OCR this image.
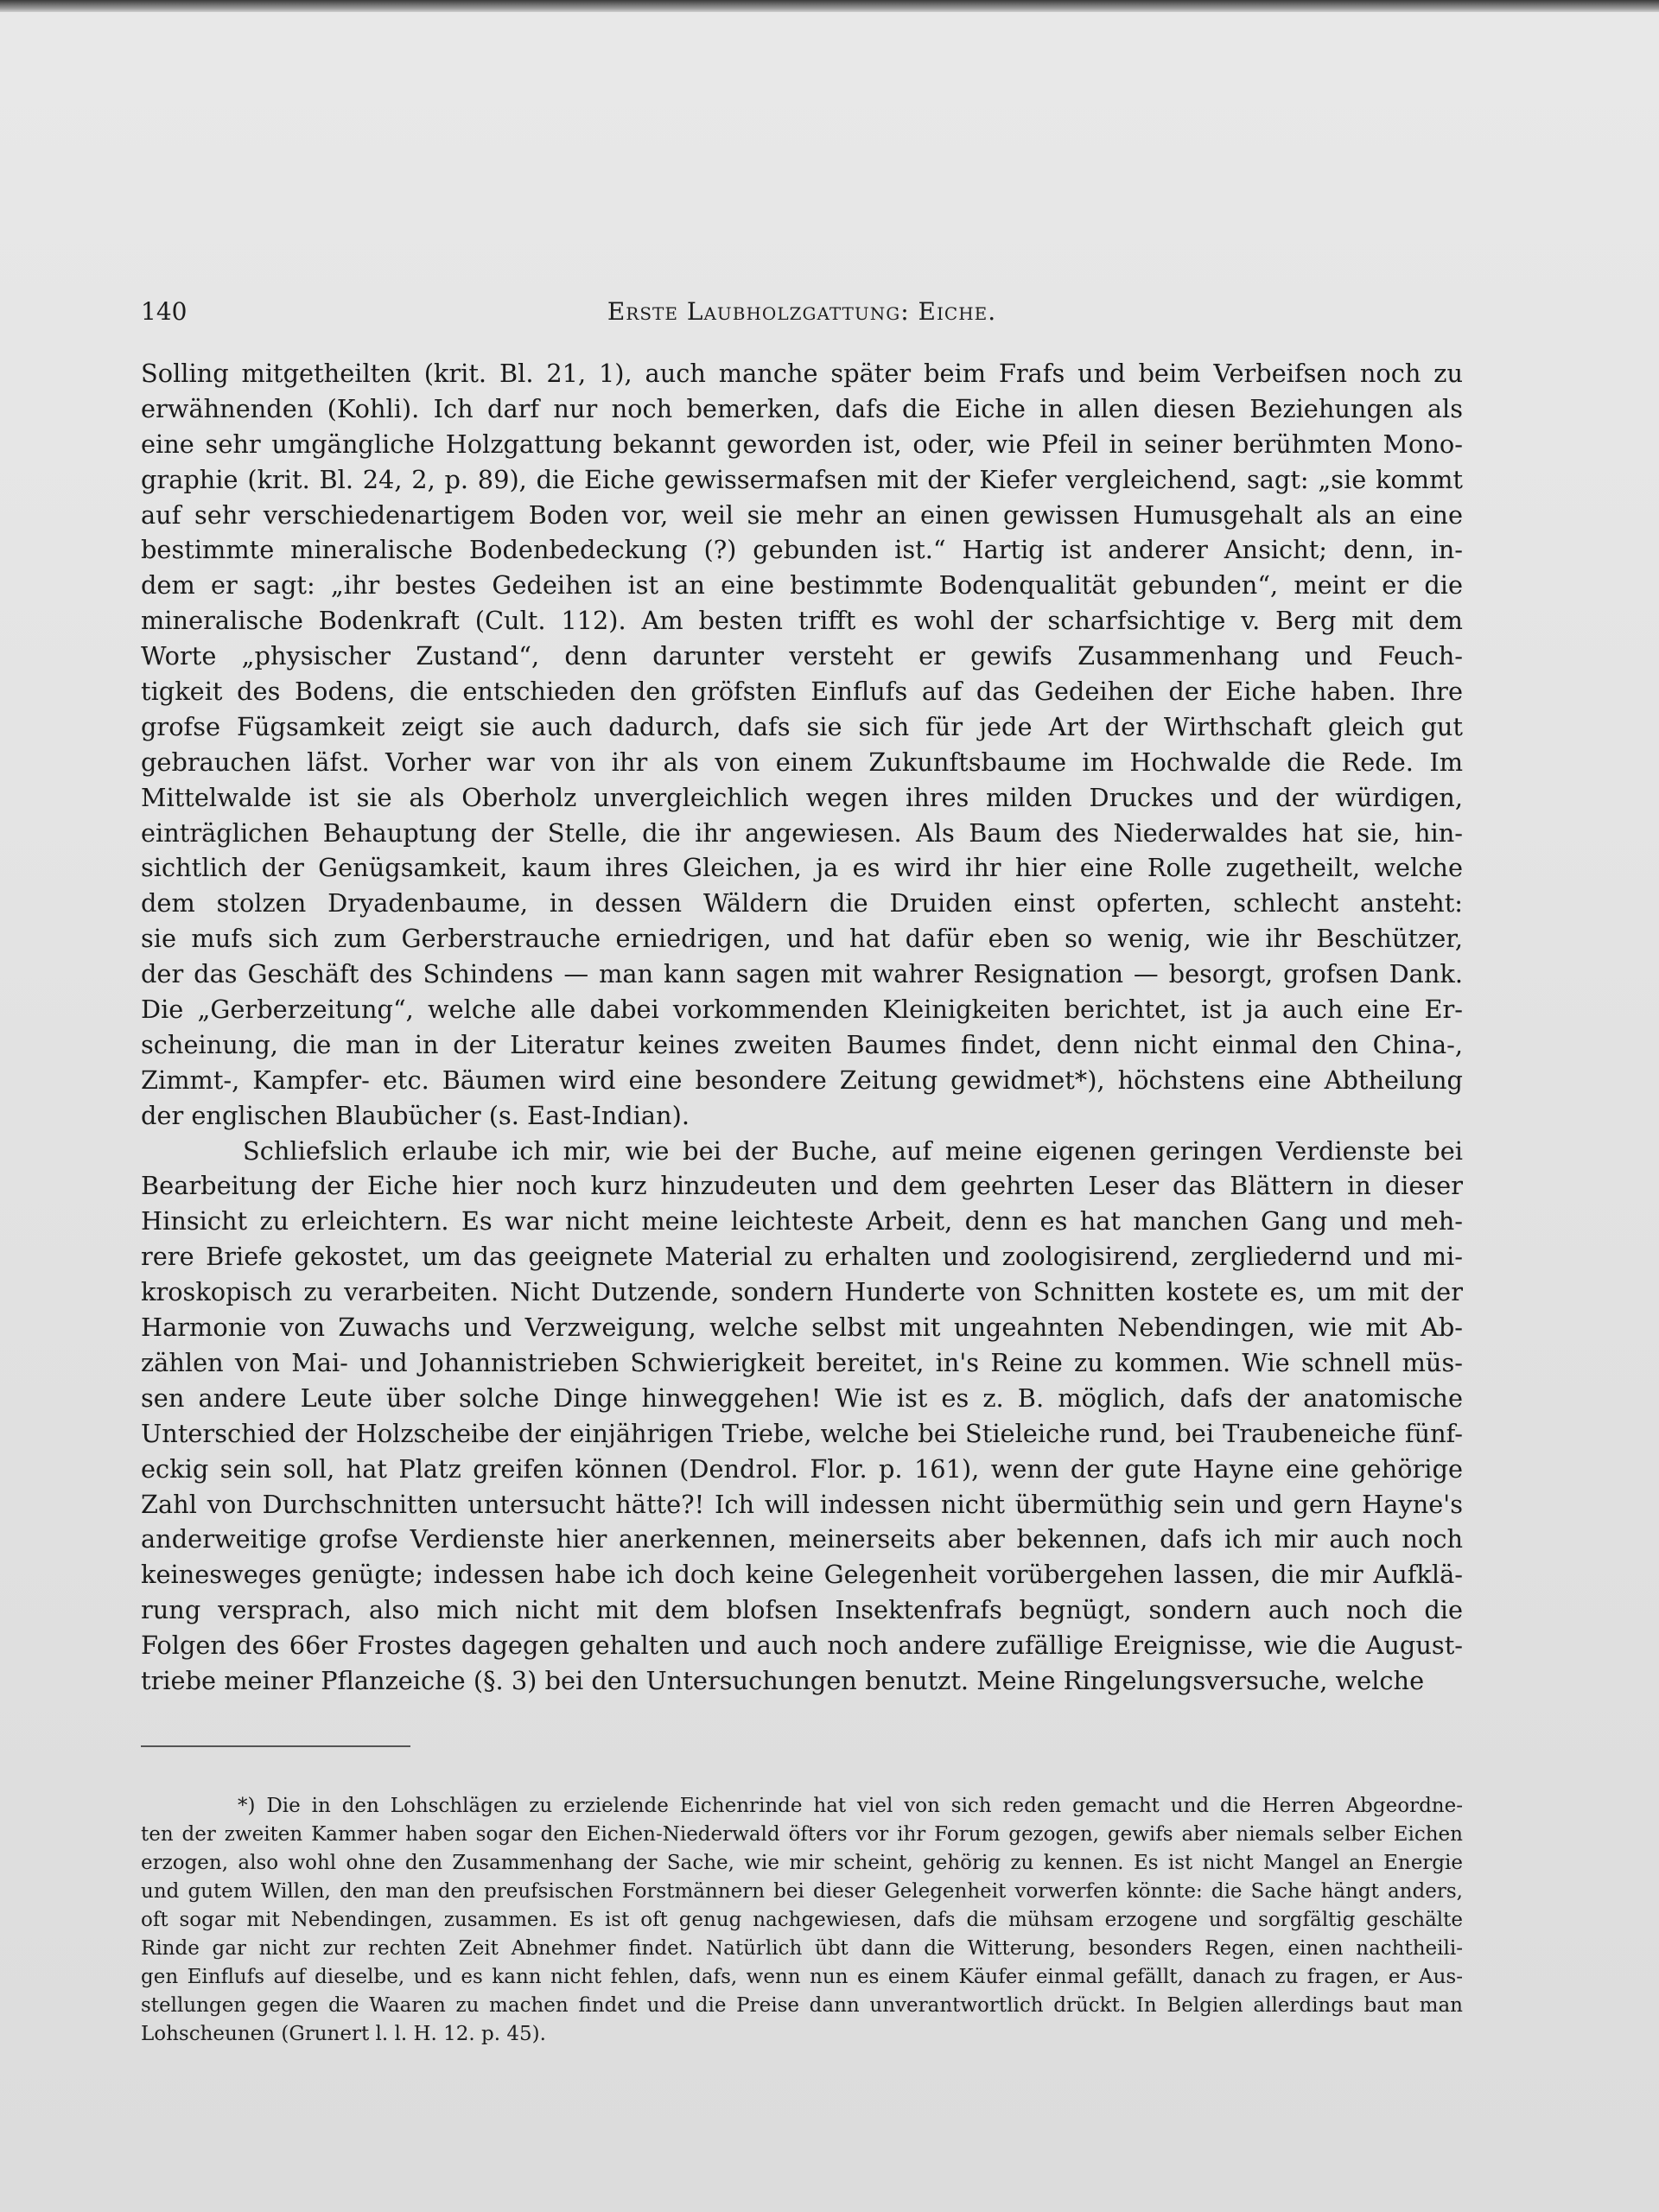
140	Erste Laubholzgattung: Eiche.
Solling mitgetheilten (krit. Bl. 21, 1), auch manche später beim Frafs und beim Verbeifsen noch zu
erwähnenden (Kohli). Ich darf nur noch bemerken, dafs die Eiche in allen diesen Beziehungen als
eine sehr umgängliche Holzgattung bekannt geworden ist, oder, wie Pfeil in seiner berühmten Mono-
graphie (krit. Bl. 24, 2, p. 89), die Eiche gewissermafsen mit der Kiefer vergleichend, sagt: „sie kommt
auf sehr verschiedenartigem Boden vor, weil sie mehr an einen gewissen Humusgehalt als an eine
bestimmte mineralische Bodenbedeckung (?) gebunden ist.“ Hartig ist anderer Ansicht; denn, in-
dem er sagt: „ihr bestes Gedeihen ist an eine bestimmte Bodenqualität gebunden“, meint er die
mineralische Bodenkraft (Cult. 112). Am besten trifft es wohl der scharfsichtige v. Berg mit dem
Worte „physischer Zustand“, denn darunter versteht er gewifs Zusammenhang und Feuch-
tigkeit des Bodens, die entschieden den gröfsten Einflufs auf das Gedeihen der Eiche haben. Ihre
grofse Fügsamkeit zeigt sie auch dadurch, dafs sie sich für jede Art der Wirthschaft gleich gut
gebrauchen läfst. Vorher war von ihr als von einem Zukunftsbaume im Hochwalde die Rede. Im
Mittelwalde ist sie als Oberholz unvergleichlich wegen ihres milden Druckes und der würdigen,
einträglichen Behauptung der Stelle, die ihr angewiesen. Als Baum des Niederwaldes hat sie, hin-
sichtlich der Genügsamkeit, kaum ihres Gleichen, ja es wird ihr hier eine Rolle zugetheilt, welche
dem stolzen Dryadenbaume, in dessen Wäldern die Druiden einst opferten, schlecht ansteht:
sie mufs sich zum Gerberstrauche erniedrigen, und hat dafür eben so wenig, wie ihr Beschützer,
der das Geschäft des Schindens — man kann sagen mit wahrer Resignation — besorgt, grofsen Dank.
Die „Gerberzeitung“, welche alle dabei vorkommenden Kleinigkeiten berichtet, ist ja auch eine Er-
scheinung, die man in der Literatur keines zweiten Baumes findet, denn nicht einmal den China-,
Zimmt-, Kampfer- etc. Bäumen wird eine besondere Zeitung gewidmet*), höchstens eine Abtheilung
der englischen Blaubücher (s. East-Indian).
Schliefslich erlaube ich mir, wie bei der Buche, auf meine eigenen geringen Verdienste bei
Bearbeitung der Eiche hier noch kurz hinzudeuten und dem geehrten Leser das Blättern in dieser
Hinsicht zu erleichtern. Es war nicht meine leichteste Arbeit, denn es hat manchen Gang und meh-
rere Briefe gekostet, um das geeignete Material zu erhalten und zoologisirend, zergliedernd und mi-
kroskopisch zu verarbeiten. Nicht Dutzende, sondern Hunderte von Schnitten kostete es, um mit der
Harmonie von Zuwachs und Verzweigung, welche selbst mit ungeahnten Nebendingen, wie mit Ab-
zählen von Mai- und Johannistrieben Schwierigkeit bereitet, in's Reine zu kommen. Wie schnell müs-
sen andere Leute über solche Dinge hinweggehen! Wie ist es z. B. möglich, dafs der anatomische
Unterschied der Holzscheibe der einjährigen Triebe, welche bei Stieleiche rund, bei Traubeneiche fünf-
eckig sein soll, hat Platz greifen können (Dendrol. Flor. p. 161), wenn der gute Hayne eine gehörige
Zahl von Durchschnitten untersucht hätte?! Ich will indessen nicht übermüthig sein und gern Hayne's
anderweitige grofse Verdienste hier anerkennen, meinerseits aber bekennen, dafs ich mir auch noch
keinesweges genügte; indessen habe ich doch keine Gelegenheit vorübergehen lassen, die mir Aufklä-
rung versprach, also mich nicht mit dem blofsen Insektenfrafs begnügt, sondern auch noch die
Folgen des 66er Frostes dagegen gehalten und auch noch andere zufällige Ereignisse, wie die August-
triebe meiner Pflanzeiche (§. 3) bei den Untersuchungen benutzt. Meine Ringelungsversuche, welche
*) Die in den Lohschlägen zu erzielende Eichenrinde hat viel von sich reden gemacht und die Herren Abgeordne-
ten der zweiten Kammer haben sogar den Eichen-Niederwald öfters vor ihr Forum gezogen, gewifs aber niemals selber Eichen
erzogen, also wohl ohne den Zusammenhang der Sache, wie mir scheint, gehörig zu kennen. Es ist nicht Mangel an Energie
und gutem Willen, den man den preufsischen Forstmännern bei dieser Gelegenheit vorwerfen könnte: die Sache hängt anders,
oft sogar mit Nebendingen, zusammen. Es ist oft genug nachgewiesen, dafs die mühsam erzogene und sorgfältig geschälte
Rinde gar nicht zur rechten Zeit Abnehmer findet. Natürlich übt dann die Witterung, besonders Regen, einen nachtheili-
gen Einflufs auf dieselbe, und es kann nicht fehlen, dafs, wenn nun es einem Käufer einmal gefällt, danach zu fragen, er Aus-
stellungen gegen die Waaren zu machen findet und die Preise dann unverantwortlich drückt. In Belgien allerdings baut man
Lohscheunen (Grunert l. l. H. 12. p. 45).
